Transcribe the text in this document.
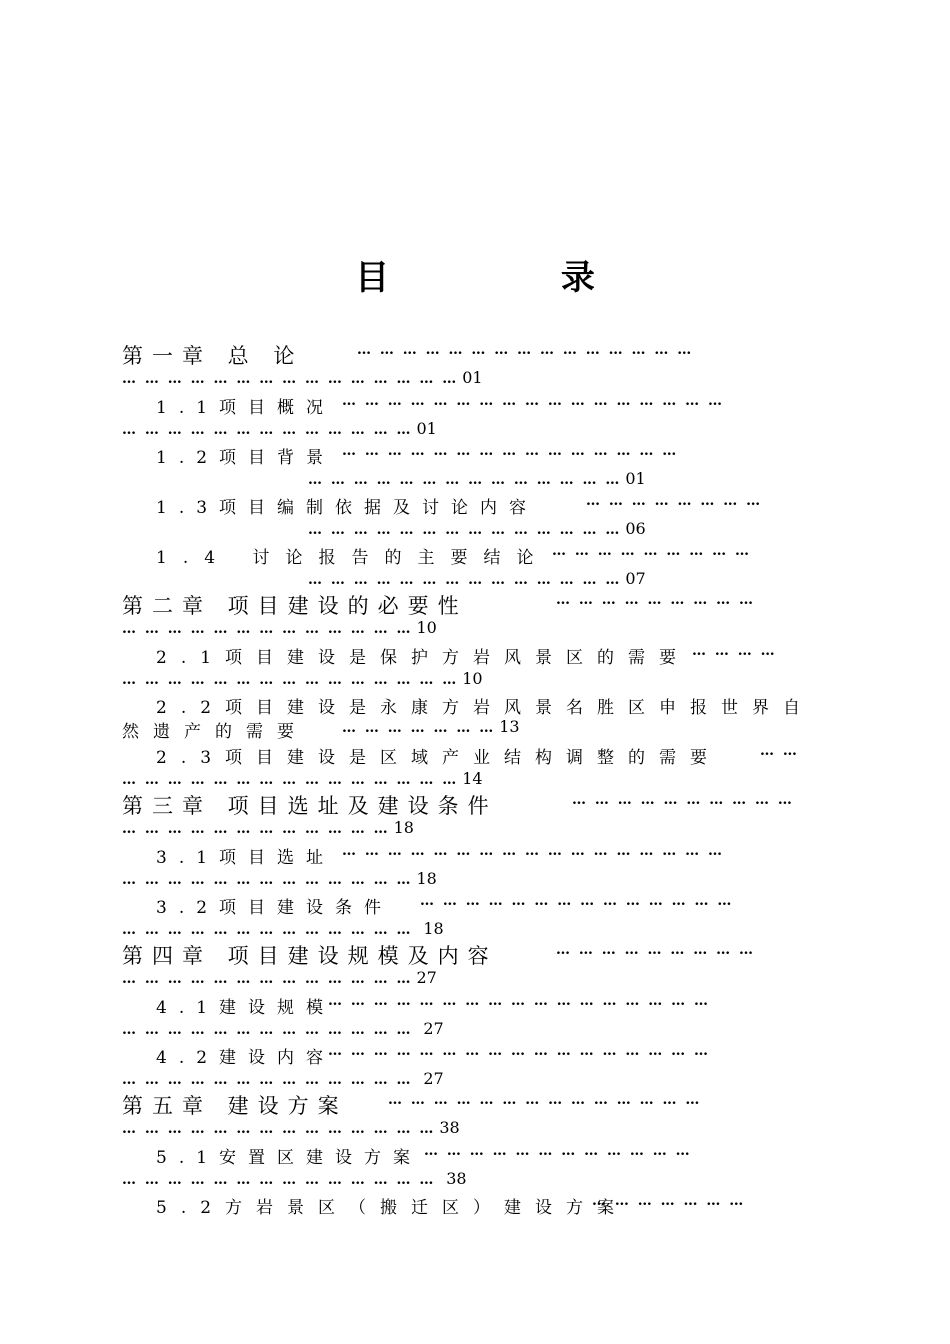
目 录
第一章 总 论	… … … … … … … … … … … … … … …
… … … … … … … … … … … … … … … 01
1.1项目概况 … … … … … … … … … … … … … … … … …
… … … … … … … … … … … … … 01
1.2项目背景 … … … … … … … … … … … … … … …
… … … … … … … … … … … … … … 01
1.3项目编制依据及讨论内容	… … … … … … … …
… … … … … … … … … … … … … … 06
1.4 讨论报告的主要结论 … … … … … … … … …
… … … … … … … … … … … … … … 07
第二章 项目建设的必要性	… … … … … … … … …
… … … … … … … … … … … … … 10
2.1项目建设是保护方岩风景区的需要 … … … …
… … … … … … … … … … … … … … … 10
2.2项目建设是永康方岩风景名胜区申报世界自
然遗产的需要 … … … … … … … 13
2.3项目建设是区域产业结构调整的需要	… …
… … … … … … … … … … … … … … … 14
第三章 项目选址及建设条件	… … … … … … … … … …
… … … … … … … … … … … … 18
3.1项目选址 … … … … … … … … … … … … … … … … …
… … … … … … … … … … … … … 18
3.2项目建设条件 … … … … … … … … … … … … … …
… … … … … … … … … … … … … 18
第四章 项目建设规模及内容	… … … … … … … … …
… … … … … … … … … … … … … 27
4.1建设规模
… … … … … … … … … … … … … … … … …
… … … … … … … … … … … … … 27
4.2建设内容
… … … … … … … … … … … … … … … … …
… … … … … … … … … … … … … 27
第五章 建设方案	… … … … … … … … … … … … … …
… … … … … … … … … … … … … … 38
5.1安置区建设方案 … … … … … … … … … … … …
… … … … … … … … … … … … … … 38
5.2方岩景区（搬迁区）建设方案
… … … … … … …
